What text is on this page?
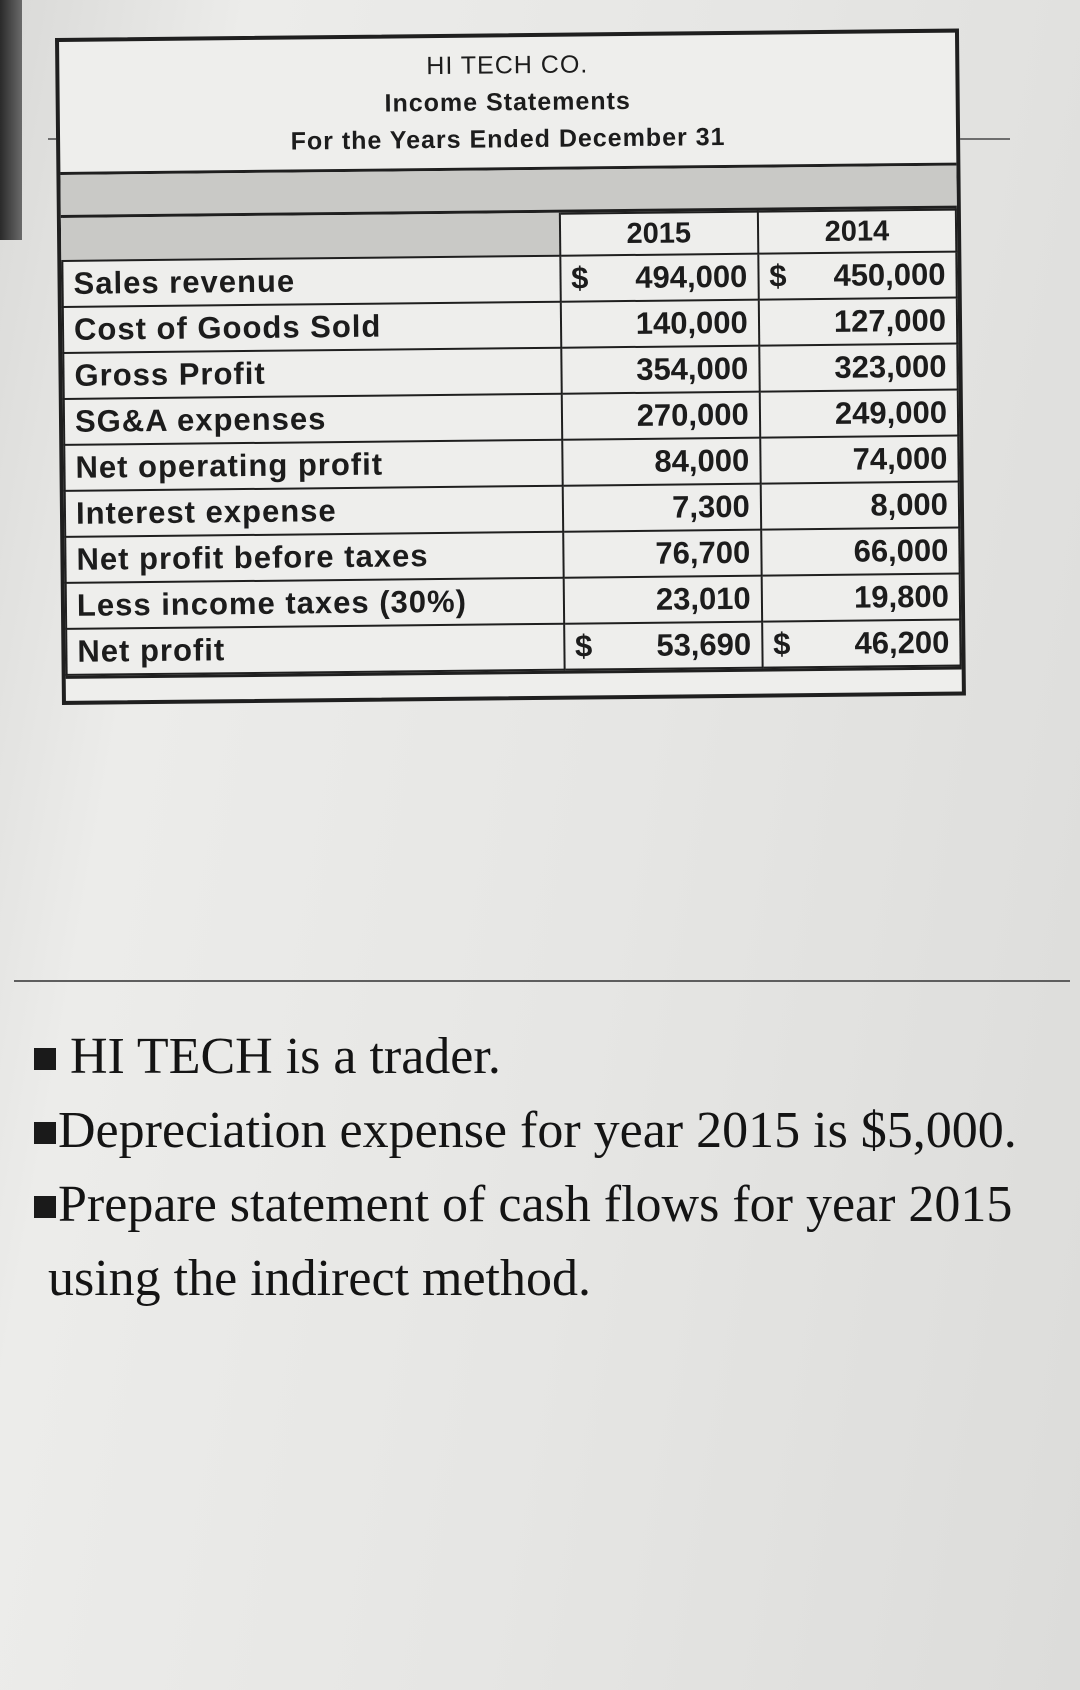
HI TECH CO.
Income Statements
For the Years Ended December 31
	2015	2014
Sales revenue	$ 494,000	$ 450,000
Cost of Goods Sold	140,000	127,000
Gross Profit	354,000	323,000
SG&A expenses	270,000	249,000
Net operating profit	84,000	74,000
Interest expense	7,300	8,000
Net profit before taxes	76,700	66,000
Less income taxes (30%)	23,010	19,800
Net profit	$ 53,690	$ 46,200
HI TECH is a trader.
Depreciation expense for year 2015 is $5,000.
Prepare statement of cash flows for year 2015
using the indirect method.
